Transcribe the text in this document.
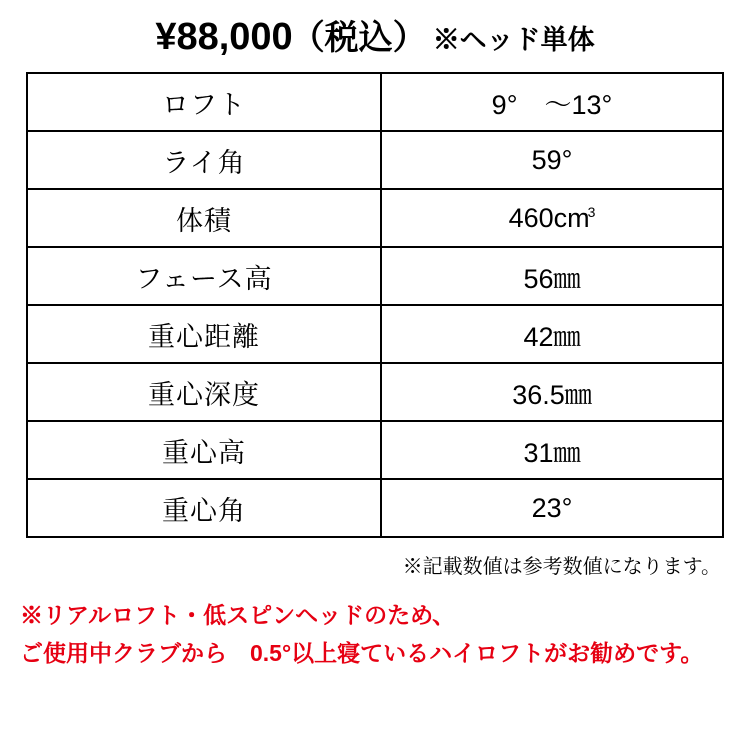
¥88,000
（税込） ※ヘッド単体
ロフト	9°　〜13°
ライ角	59°
体積	$460cm^3$
フェース高	56㎜
重心距離	42㎜
重心深度	36.5㎜
重心高	31㎜
重心角	23°
※記載数値は参考数値になります。
※リアルロフト・低スピンヘッドのため、
ご使用中クラブから　0.5°以上寝ているハイロフトがお勧めです。
